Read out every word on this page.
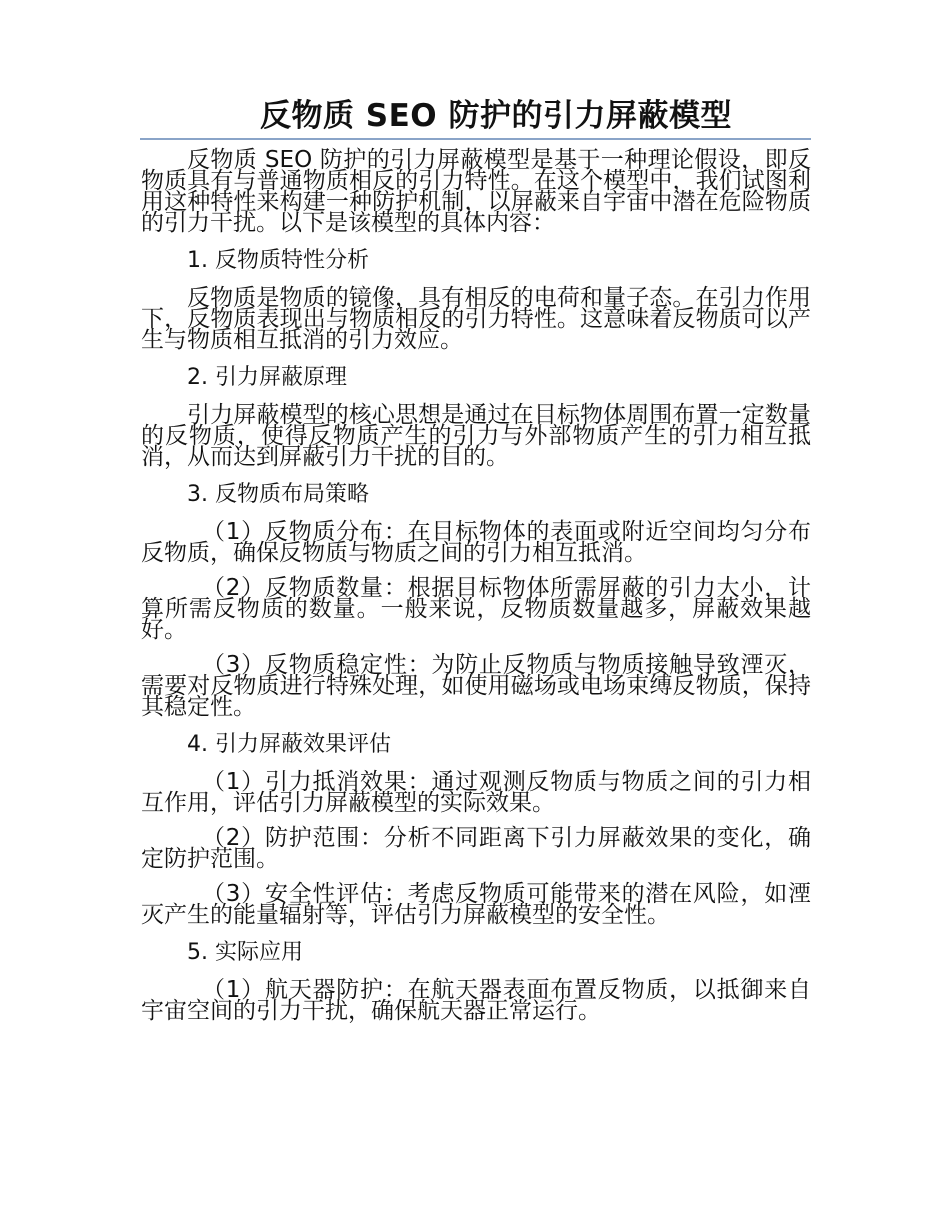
反物质 SEO 防护的引力屏蔽模型

反物质 SEO 防护的引力屏蔽模型是基于一种理论假设，即反物质具有与普通物质相反的引力特性。在这个模型中，我们试图利用这种特性来构建一种防护机制，以屏蔽来自宇宙中潜在危险物质的引力干扰。以下是该模型的具体内容：

1. 反物质特性分析

反物质是物质的镜像，具有相反的电荷和量子态。在引力作用下，反物质表现出与物质相反的引力特性。这意味着反物质可以产生与物质相互抵消的引力效应。

2. 引力屏蔽原理

引力屏蔽模型的核心思想是通过在目标物体周围布置一定数量的反物质，使得反物质产生的引力与外部物质产生的引力相互抵消，从而达到屏蔽引力干扰的目的。

3. 反物质布局策略

（1）反物质分布：在目标物体的表面或附近空间均匀分布反物质，确保反物质与物质之间的引力相互抵消。

（2）反物质数量：根据目标物体所需屏蔽的引力大小，计算所需反物质的数量。一般来说，反物质数量越多，屏蔽效果越好。

（3）反物质稳定性：为防止反物质与物质接触导致湮灭，需要对反物质进行特殊处理，如使用磁场或电场束缚反物质，保持其稳定性。

4. 引力屏蔽效果评估

（1）引力抵消效果：通过观测反物质与物质之间的引力相互作用，评估引力屏蔽模型的实际效果。

（2）防护范围：分析不同距离下引力屏蔽效果的变化，确定防护范围。

（3）安全性评估：考虑反物质可能带来的潜在风险，如湮灭产生的能量辐射等，评估引力屏蔽模型的安全性。

5. 实际应用

（1）航天器防护：在航天器表面布置反物质，以抵御来自宇宙空间的引力干扰，确保航天器正常运行。
